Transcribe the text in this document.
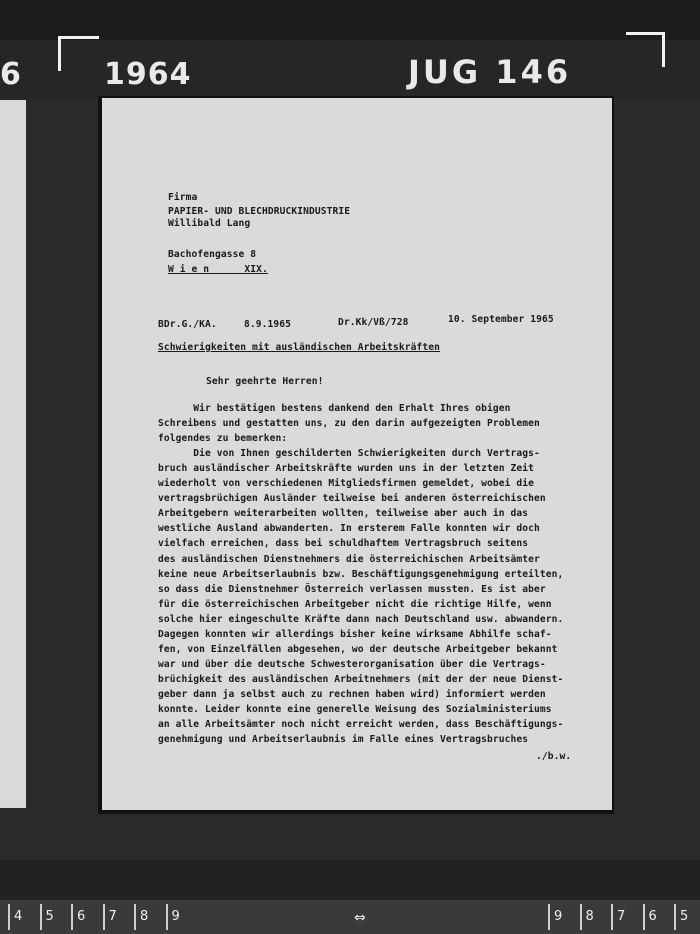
6	1964	JUG 146
Firma
PAPIER- UND BLECHDRUCKINDUSTRIE
Willibald Lang
Bachofengasse 8
W i e n      XIX.
BDr.G./KA.	8.9.1965	Dr.Kk/Vß/728	10. September 1965
Schwierigkeiten mit ausländischen Arbeitskräften
Sehr geehrte Herren!
Wir bestätigen bestens dankend den Erhalt Ihres obigen
Schreibens und gestatten uns, zu den darin aufgezeigten Problemen
folgendes zu bemerken:
Die von Ihnen geschilderten Schwierigkeiten durch Vertrags-
bruch ausländischer Arbeitskräfte wurden uns in der letzten Zeit
wiederholt von verschiedenen Mitgliedsfirmen gemeldet, wobei die
vertragsbrüchigen Ausländer teilweise bei anderen österreichischen
Arbeitgebern weiterarbeiten wollten, teilweise aber auch in das
westliche Ausland abwanderten. In ersterem Falle konnten wir doch
vielfach erreichen, dass bei schuldhaftem Vertragsbruch seitens
des ausländischen Dienstnehmers die österreichischen Arbeitsämter
keine neue Arbeitserlaubnis bzw. Beschäftigungsgenehmigung erteilten,
so dass die Dienstnehmer Österreich verlassen mussten. Es ist aber
für die österreichischen Arbeitgeber nicht die richtige Hilfe, wenn
solche hier eingeschulte Kräfte dann nach Deutschland usw. abwandern.
Dagegen konnten wir allerdings bisher keine wirksame Abhilfe schaf-
fen, von Einzelfällen abgesehen, wo der deutsche Arbeitgeber bekannt
war und über die deutsche Schwesterorganisation über die Vertrags-
brüchigkeit des ausländischen Arbeitnehmers (mit der der neue Dienst-
geber dann ja selbst auch zu rechnen haben wird) informiert werden
konnte. Leider konnte eine generelle Weisung des Sozialministeriums
an alle Arbeitsämter noch nicht erreicht werden, dass Beschäftigungs-
genehmigung und Arbeitserlaubnis im Falle eines Vertragsbruches
./b.w.
4 5 6 7 8 9	9 8 7 6 5
⇔
